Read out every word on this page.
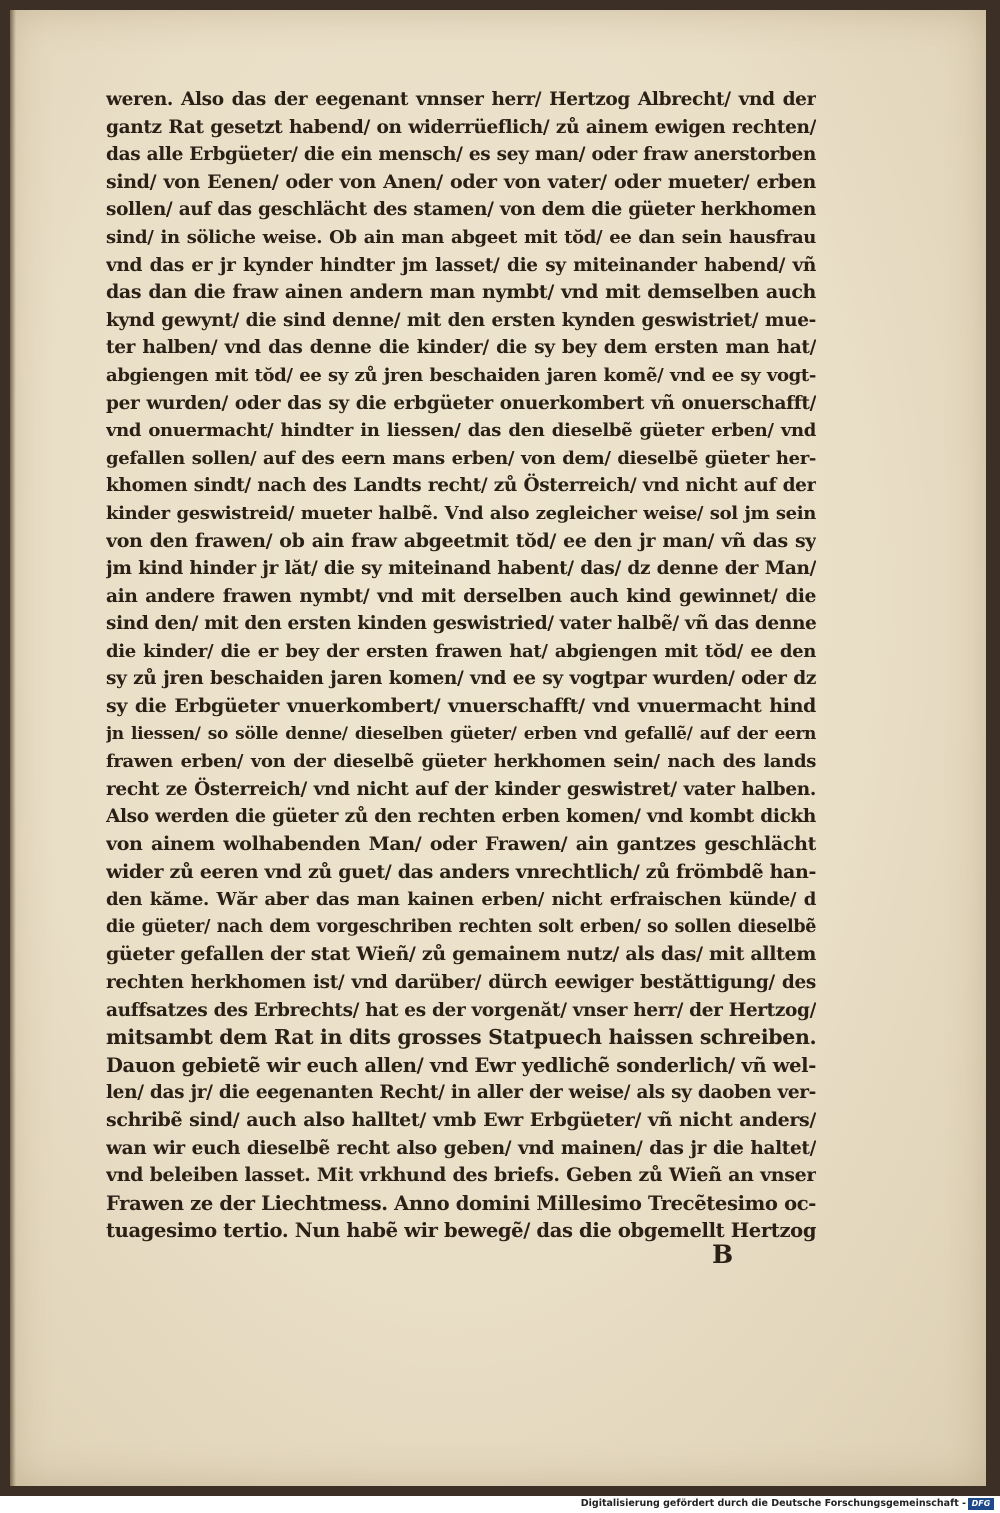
weren. Also das der eegenant vnnser herr/ Hertzog Albrecht/ vnd der
gantz Rat gesetzt habend/ on widerrüeflich/ zů ainem ewigen rechten/
das alle Erbgüeter/ die ein mensch/ es sey man/ oder fraw anerstorben
sind/ von Eenen/ oder von Anen/ oder von vater/ oder mueter/ erben
sollen/ auf das geschlächt des stamen/ von dem die güeter herkhomen
sind/ in söliche weise. Ob ain man abgeet mit tŏd/ ee dan sein hausfrau
vnd das er jr kynder hindter jm lasset/ die sy miteinander habend/ vñ
das dan die fraw ainen andern man nymbt/ vnd mit demselben auch
kynd gewynt/ die sind denne/ mit den ersten kynden geswistriet/ mue-
ter halben/ vnd das denne die kinder/ die sy bey dem ersten man hat/
abgiengen mit tŏd/ ee sy zů jren beschaiden jaren komẽ/ vnd ee sy vogt-
per wurden/ oder das sy die erbgüeter onuerkombert vñ onuerschafft/
vnd onuermacht/ hindter in liessen/ das den dieselbẽ güeter erben/ vnd
gefallen sollen/ auf des eern mans erben/ von dem/ dieselbẽ güeter her-
khomen sindt/ nach des Landts recht/ zů Österreich/ vnd nicht auf der
kinder geswistreid/ mueter halbẽ. Vnd also zegleicher weise/ sol jm sein
von den frawen/ ob ain fraw abgeetmit tŏd/ ee den jr man/ vñ das sy
jm kind hinder jr lăt/ die sy miteinand habent/ das/ dz denne der Man/
ain andere frawen nymbt/ vnd mit derselben auch kind gewinnet/ die
sind den/ mit den ersten kinden geswistried/ vater halbẽ/ vñ das denne
die kinder/ die er bey der ersten frawen hat/ abgiengen mit tŏd/ ee den
sy zů jren beschaiden jaren komen/ vnd ee sy vogtpar wurden/ oder dz
sy die Erbgüeter vnuerkombert/ vnuerschafft/ vnd vnuermacht hind
jn liessen/ so sölle denne/ dieselben güeter/ erben vnd gefallẽ/ auf der eern
frawen erben/ von der dieselbẽ güeter herkhomen sein/ nach des lands
recht ze Österreich/ vnd nicht auf der kinder geswistret/ vater halben.
Also werden die güeter zů den rechten erben komen/ vnd kombt dickh
von ainem wolhabenden Man/ oder Frawen/ ain gantzes geschlächt
wider zů eeren vnd zů guet/ das anders vnrechtlich/ zů frömbdẽ han-
den kăme. Wăr aber das man kainen erben/ nicht erfraischen künde/ d
die güeter/ nach dem vorgeschriben rechten solt erben/ so sollen dieselbẽ
güeter gefallen der stat Wieñ/ zů gemainem nutz/ als das/ mit alltem
rechten herkhomen ist/ vnd darüber/ dürch eewiger bestăttigung/ des
auffsatzes des Erbrechts/ hat es der vorgenăt/ vnser herr/ der Hertzog/
mitsambt dem Rat in dits grosses Statpuech haissen schreiben.
Dauon gebietẽ wir euch allen/ vnd Ewr yedlichẽ sonderlich/ vñ wel-
len/ das jr/ die eegenanten Recht/ in aller der weise/ als sy daoben ver-
schribẽ sind/ auch also halltet/ vmb Ewr Erbgüeter/ vñ nicht anders/
wan wir euch dieselbẽ recht also geben/ vnd mainen/ das jr die haltet/
vnd beleiben lasset. Mit vrkhund des briefs. Geben zů Wieñ an vnser
Frawen ze der Liechtmess. Anno domini Millesimo Trecẽtesimo oc-
tuagesimo tertio. Nun habẽ wir bewegẽ/ das die obgemellt Hertzog
B
Digitalisierung gefördert durch die Deutsche Forschungsgemeinschaft - DFG
